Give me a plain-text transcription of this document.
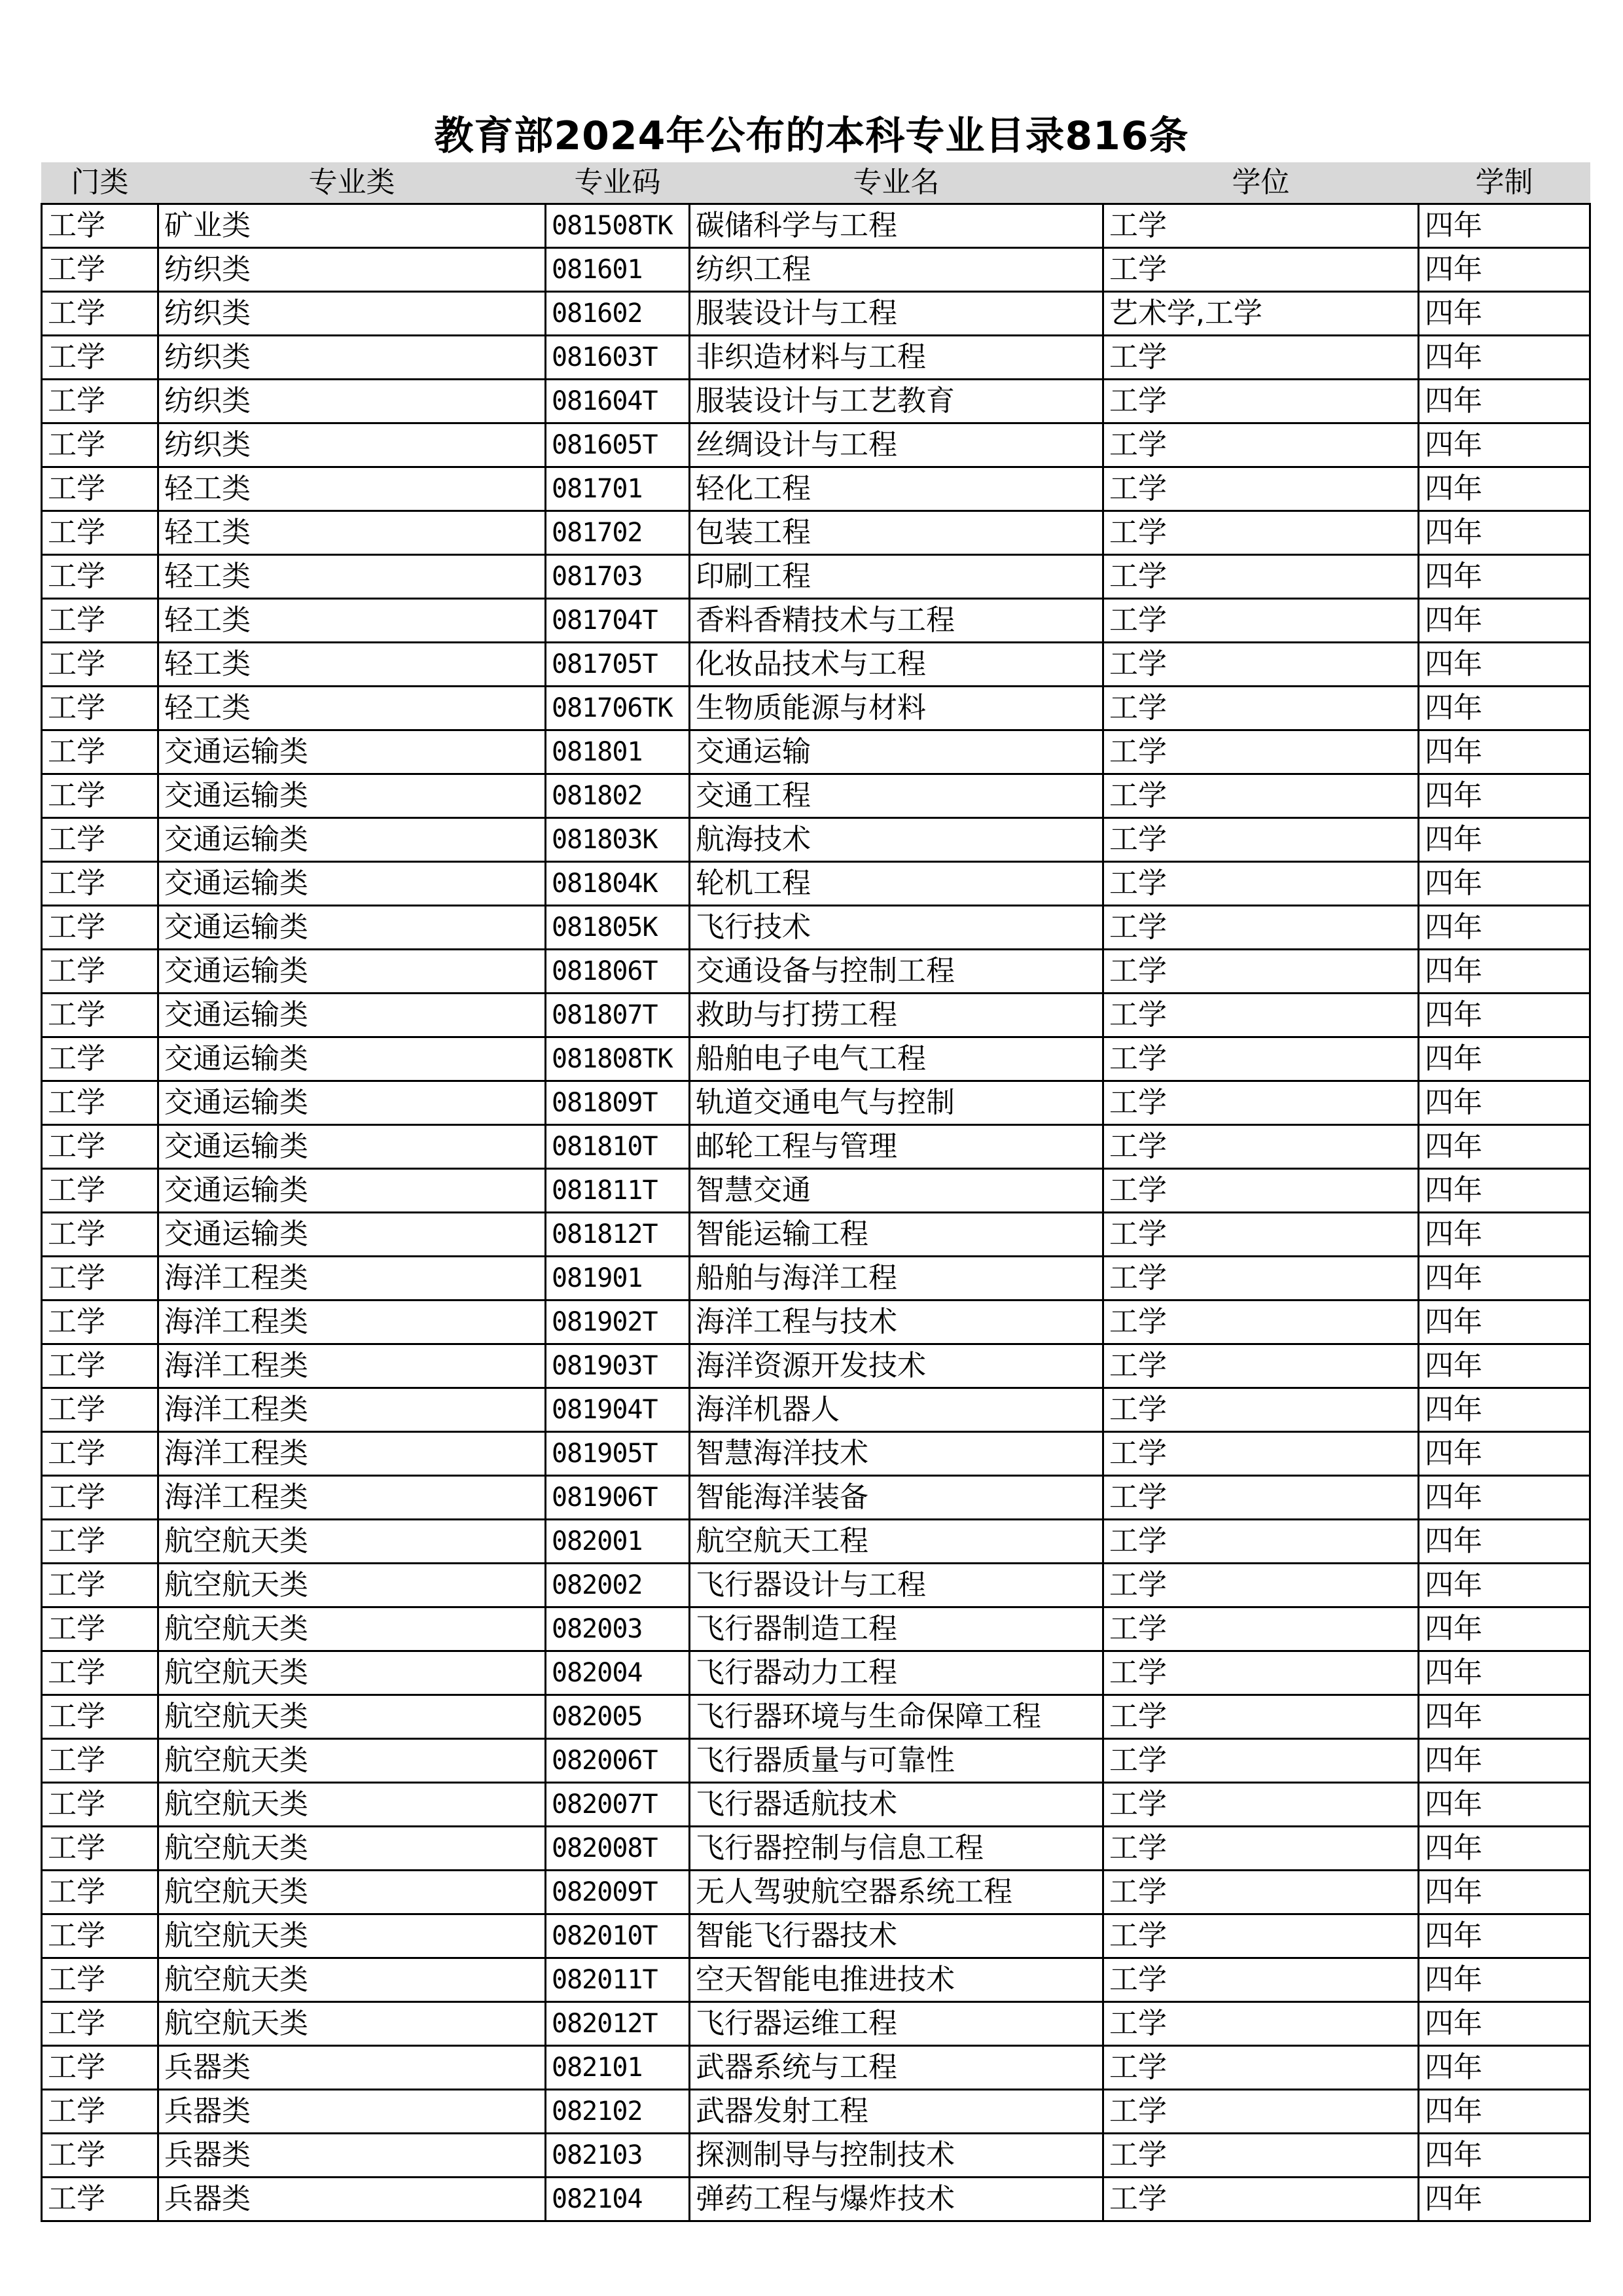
教育部2024年公布的本科专业目录816条
门类	专业类	专业码	专业名	学位	学制
工学	矿业类	081508TK	碳储科学与工程	工学	四年
工学	纺织类	081601	纺织工程	工学	四年
工学	纺织类	081602	服装设计与工程	艺术学,工学	四年
工学	纺织类	081603T	非织造材料与工程	工学	四年
工学	纺织类	081604T	服装设计与工艺教育	工学	四年
工学	纺织类	081605T	丝绸设计与工程	工学	四年
工学	轻工类	081701	轻化工程	工学	四年
工学	轻工类	081702	包装工程	工学	四年
工学	轻工类	081703	印刷工程	工学	四年
工学	轻工类	081704T	香料香精技术与工程	工学	四年
工学	轻工类	081705T	化妆品技术与工程	工学	四年
工学	轻工类	081706TK	生物质能源与材料	工学	四年
工学	交通运输类	081801	交通运输	工学	四年
工学	交通运输类	081802	交通工程	工学	四年
工学	交通运输类	081803K	航海技术	工学	四年
工学	交通运输类	081804K	轮机工程	工学	四年
工学	交通运输类	081805K	飞行技术	工学	四年
工学	交通运输类	081806T	交通设备与控制工程	工学	四年
工学	交通运输类	081807T	救助与打捞工程	工学	四年
工学	交通运输类	081808TK	船舶电子电气工程	工学	四年
工学	交通运输类	081809T	轨道交通电气与控制	工学	四年
工学	交通运输类	081810T	邮轮工程与管理	工学	四年
工学	交通运输类	081811T	智慧交通	工学	四年
工学	交通运输类	081812T	智能运输工程	工学	四年
工学	海洋工程类	081901	船舶与海洋工程	工学	四年
工学	海洋工程类	081902T	海洋工程与技术	工学	四年
工学	海洋工程类	081903T	海洋资源开发技术	工学	四年
工学	海洋工程类	081904T	海洋机器人	工学	四年
工学	海洋工程类	081905T	智慧海洋技术	工学	四年
工学	海洋工程类	081906T	智能海洋装备	工学	四年
工学	航空航天类	082001	航空航天工程	工学	四年
工学	航空航天类	082002	飞行器设计与工程	工学	四年
工学	航空航天类	082003	飞行器制造工程	工学	四年
工学	航空航天类	082004	飞行器动力工程	工学	四年
工学	航空航天类	082005	飞行器环境与生命保障工程	工学	四年
工学	航空航天类	082006T	飞行器质量与可靠性	工学	四年
工学	航空航天类	082007T	飞行器适航技术	工学	四年
工学	航空航天类	082008T	飞行器控制与信息工程	工学	四年
工学	航空航天类	082009T	无人驾驶航空器系统工程	工学	四年
工学	航空航天类	082010T	智能飞行器技术	工学	四年
工学	航空航天类	082011T	空天智能电推进技术	工学	四年
工学	航空航天类	082012T	飞行器运维工程	工学	四年
工学	兵器类	082101	武器系统与工程	工学	四年
工学	兵器类	082102	武器发射工程	工学	四年
工学	兵器类	082103	探测制导与控制技术	工学	四年
工学	兵器类	082104	弹药工程与爆炸技术	工学	四年
